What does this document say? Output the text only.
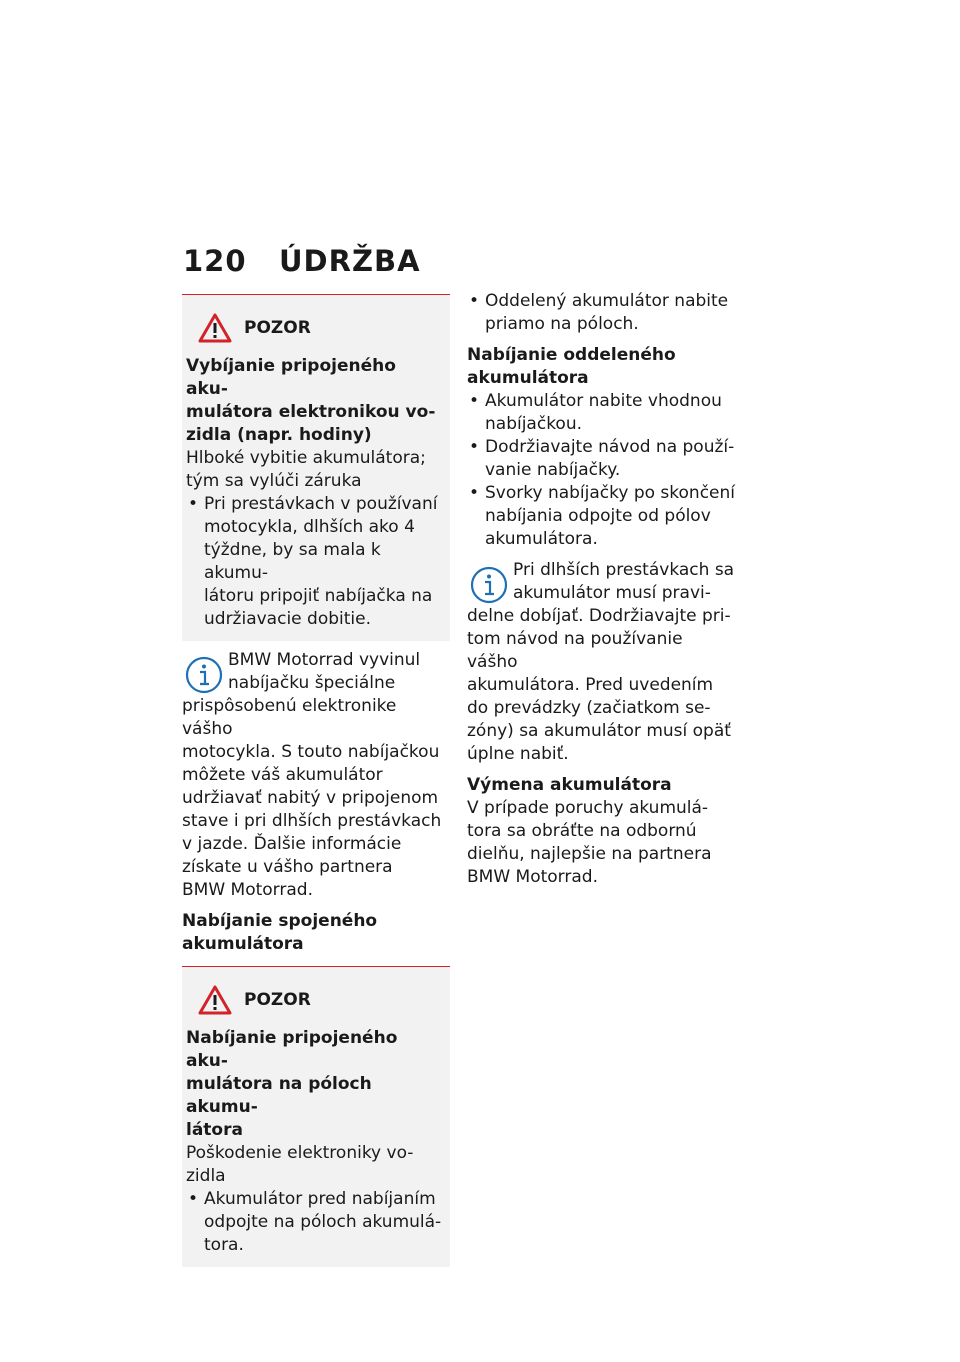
120 ÚDRŽBA
POZOR
Vybíjanie pripojeného aku-
mulátora elektronikou vo-
zidla (napr. hodiny)
Hlboké vybitie akumulátora;
tým sa vylúči záruka
• Pri prestávkach v používaní
motocykla, dlhších ako 4
týždne, by sa mala k akumu-
látoru pripojiť nabíjačka na
udržiavacie dobitie.
BMW Motorrad vyvinul
nabíjačku špeciálne
prispôsobenú elektronike vášho
motocykla. S touto nabíjačkou
môžete váš akumulátor
udržiavať nabitý v pripojenom
stave i pri dlhších prestávkach
v jazde. Ďalšie informácie
získate u vášho partnera
BMW Motorrad.
Nabíjanie spojeného
akumulátora
POZOR
Nabíjanie pripojeného aku-
mulátora na póloch akumu-
látora
Poškodenie elektroniky vo-
zidla
• Akumulátor pred nabíjaním
odpojte na póloch akumulá-
tora.
• Oddelený akumulátor nabite
priamo na póloch.
Nabíjanie oddeleného
akumulátora
• Akumulátor nabite vhodnou
nabíjačkou.
• Dodržiavajte návod na použí-
vanie nabíjačky.
• Svorky nabíjačky po skončení
nabíjania odpojte od pólov
akumulátora.
Pri dlhších prestávkach sa
akumulátor musí pravi-
delne dobíjať. Dodržiavajte pri-
tom návod na používanie vášho
akumulátora. Pred uvedením
do prevádzky (začiatkom se-
zóny) sa akumulátor musí opäť
úplne nabiť.
Výmena akumulátora
V prípade poruchy akumulá-
tora sa obráťte na odbornú
dielňu, najlepšie na partnera
BMW Motorrad.
